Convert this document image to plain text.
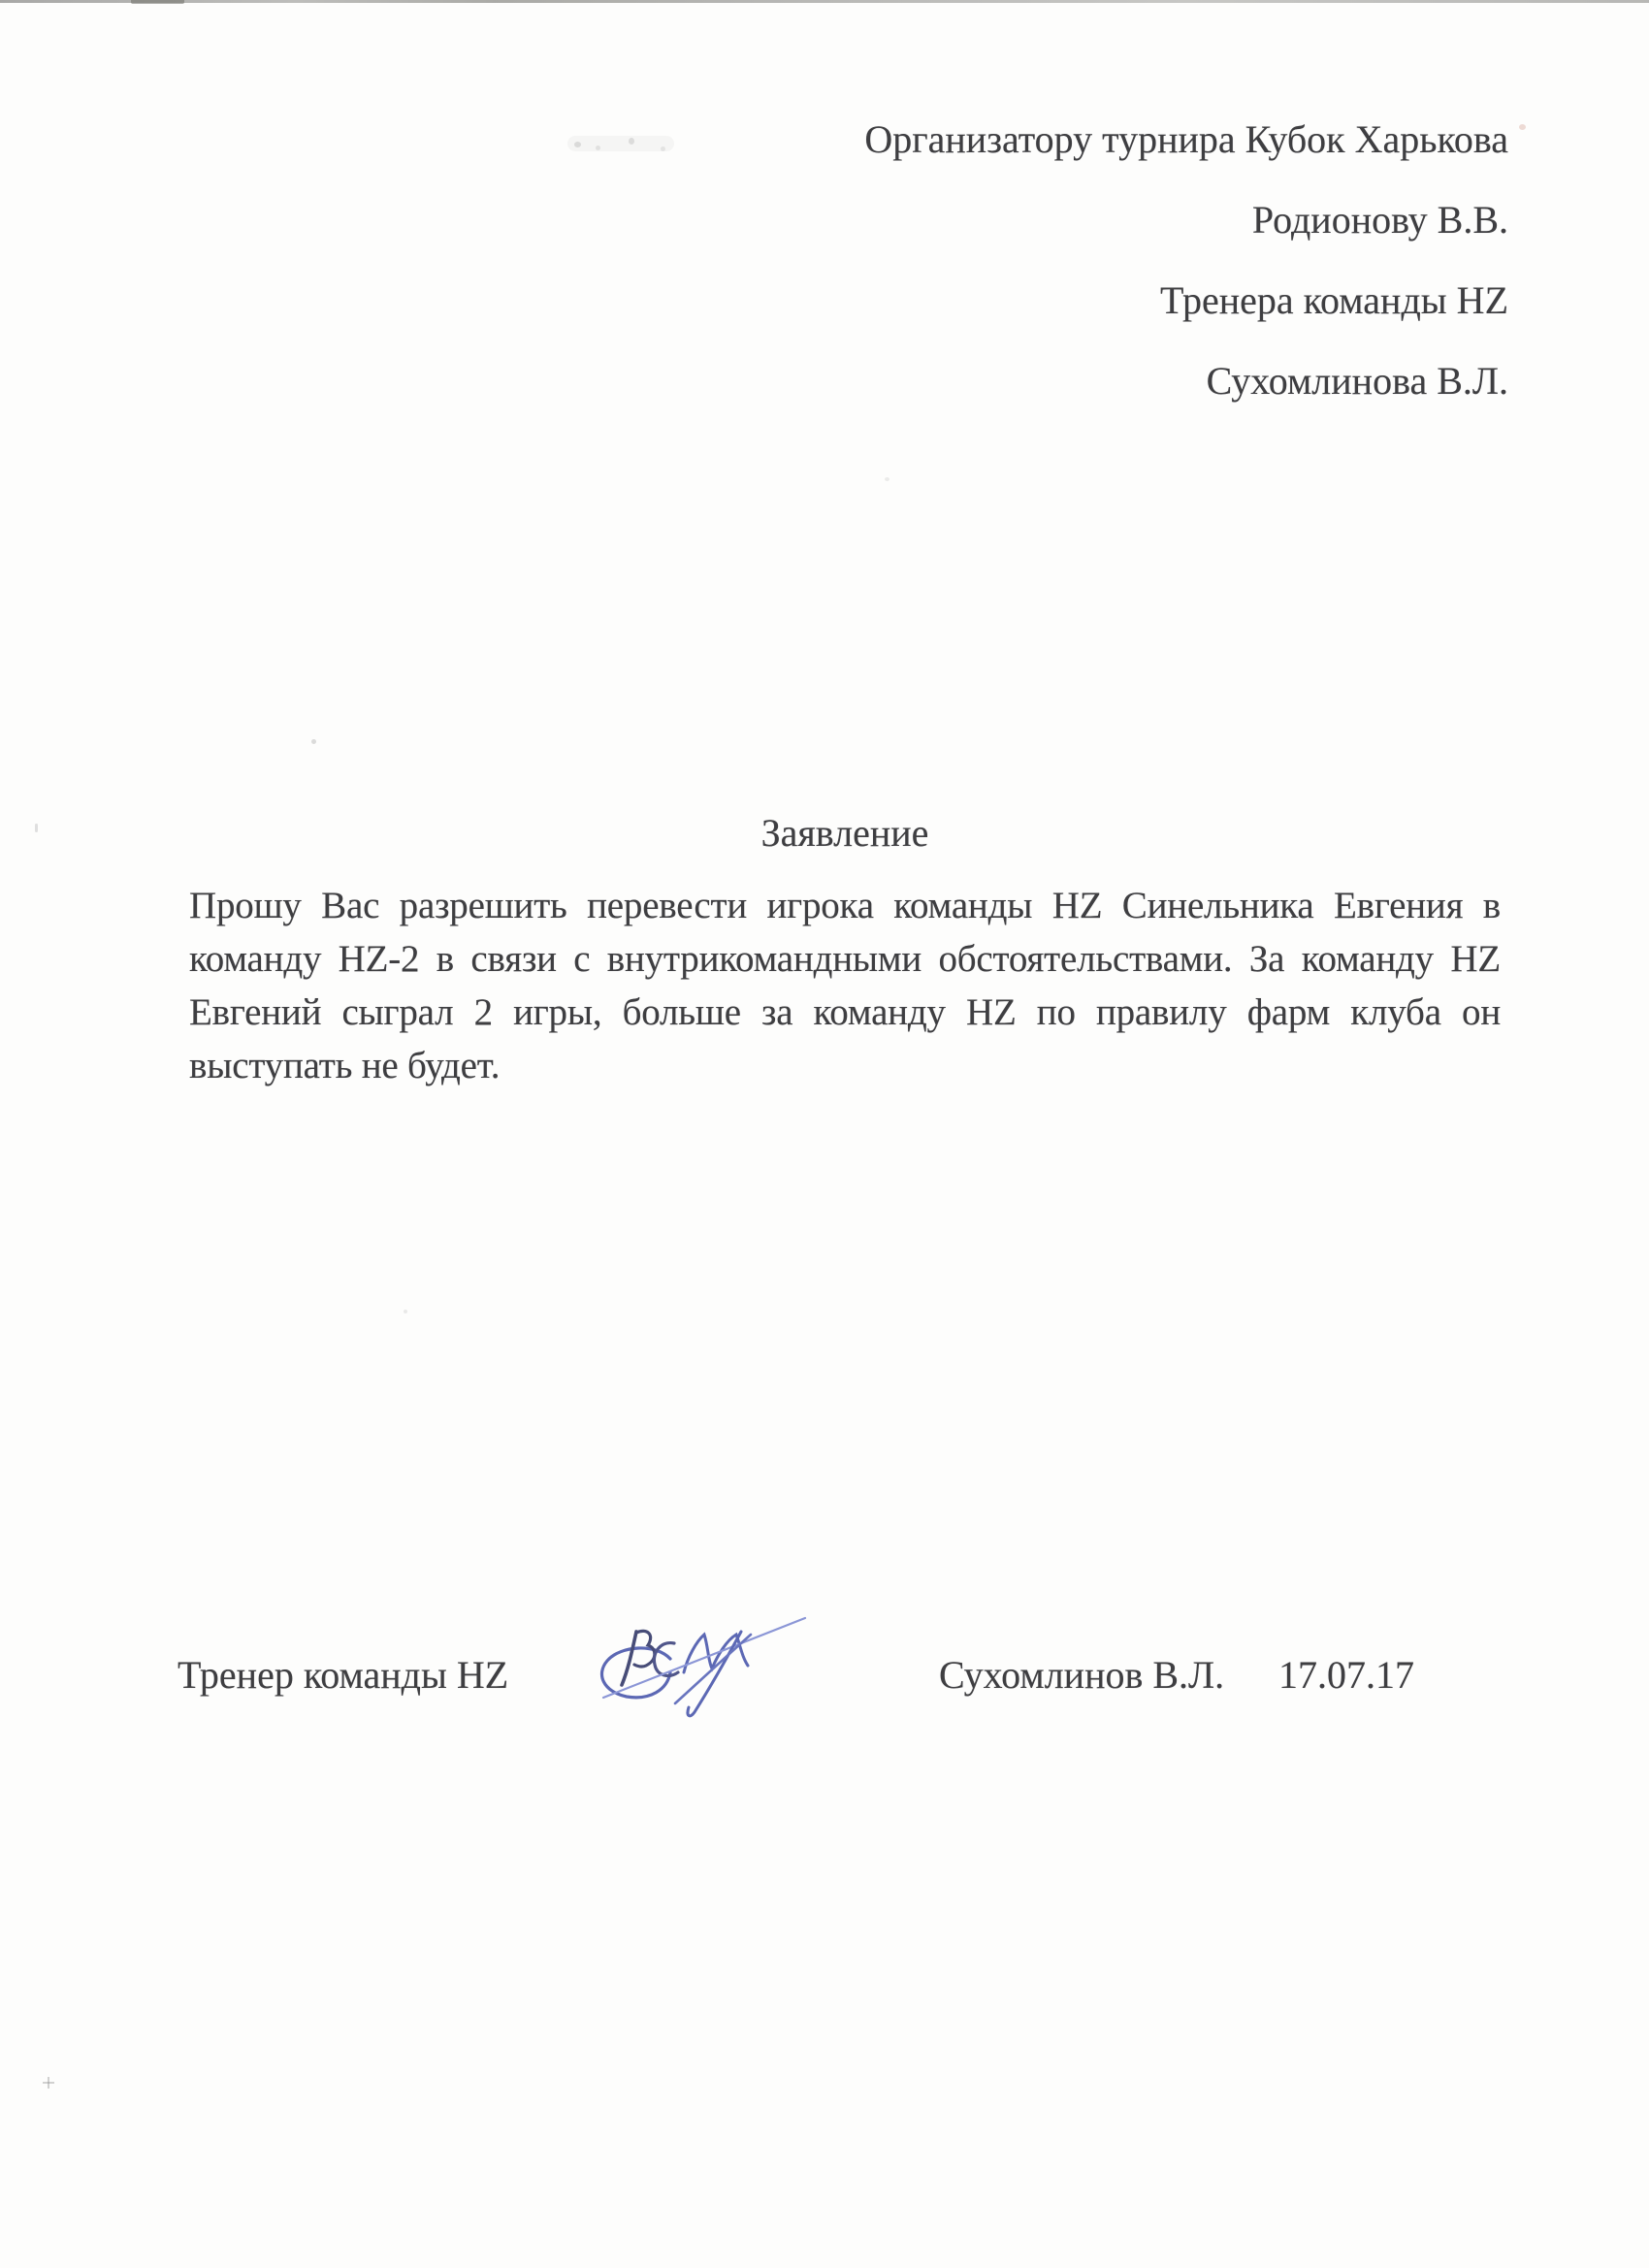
Организатору турнира Кубок Харькова
Родионову В.В.
Тренера команды HZ
Сухомлинова В.Л.
Заявление
Прошу Вас разрешить перевести игрока команды HZ Синельника Евгения в
команду HZ-2 в связи с внутрикомандными обстоятельствами. За команду HZ
Евгений сыграл 2 игры, больше за команду HZ по правилу фарм клуба он
выступать не будет.
Тренер команды HZ	Сухомлинов В.Л. 17.07.17
